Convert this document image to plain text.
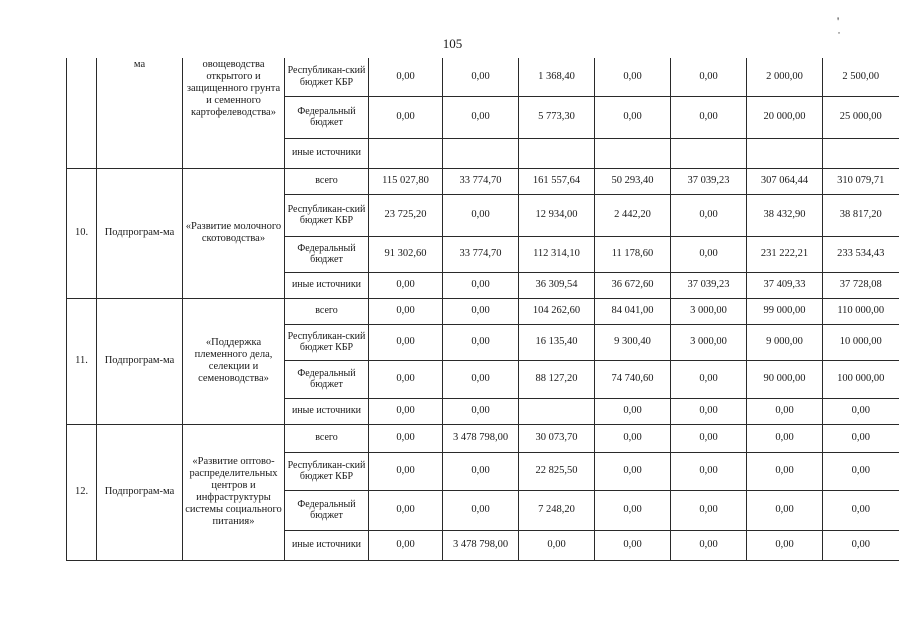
' ˙
105
	ма	овощеводства открытого и защищенного грунта и семенного картофелеводства»	Республикан-ский бюджет КБР	0,00	0,00	1 368,40	0,00	0,00	2 000,00	2 500,00
			Федеральный бюджет	0,00	0,00	5 773,30	0,00	0,00	20 000,00	25 000,00
			иные источники							
10.	Подпрограм-ма	«Развитие молочного скотоводства»	всего	115 027,80	33 774,70	161 557,64	50 293,40	37 039,23	307 064,44	310 079,71
			Республикан-ский бюджет КБР	23 725,20	0,00	12 934,00	2 442,20	0,00	38 432,90	38 817,20
			Федеральный бюджет	91 302,60	33 774,70	112 314,10	11 178,60	0,00	231 222,21	233 534,43
			иные источники	0,00	0,00	36 309,54	36 672,60	37 039,23	37 409,33	37 728,08
11.	Подпрограм-ма	«Поддержка племенного дела, селекции и семеноводства»	всего	0,00	0,00	104 262,60	84 041,00	3 000,00	99 000,00	110 000,00
			Республикан-ский бюджет КБР	0,00	0,00	16 135,40	9 300,40	3 000,00	9 000,00	10 000,00
			Федеральный бюджет	0,00	0,00	88 127,20	74 740,60	0,00	90 000,00	100 000,00
			иные источники	0,00	0,00		0,00	0,00	0,00	0,00
12.	Подпрограм-ма	«Развитие оптово-распределительных центров и инфраструктуры системы социального питания»	всего	0,00	3 478 798,00	30 073,70	0,00	0,00	0,00	0,00
			Республикан-ский бюджет КБР	0,00	0,00	22 825,50	0,00	0,00	0,00	0,00
			Федеральный бюджет	0,00	0,00	7 248,20	0,00	0,00	0,00	0,00
			иные источники	0,00	3 478 798,00	0,00	0,00	0,00	0,00	0,00
